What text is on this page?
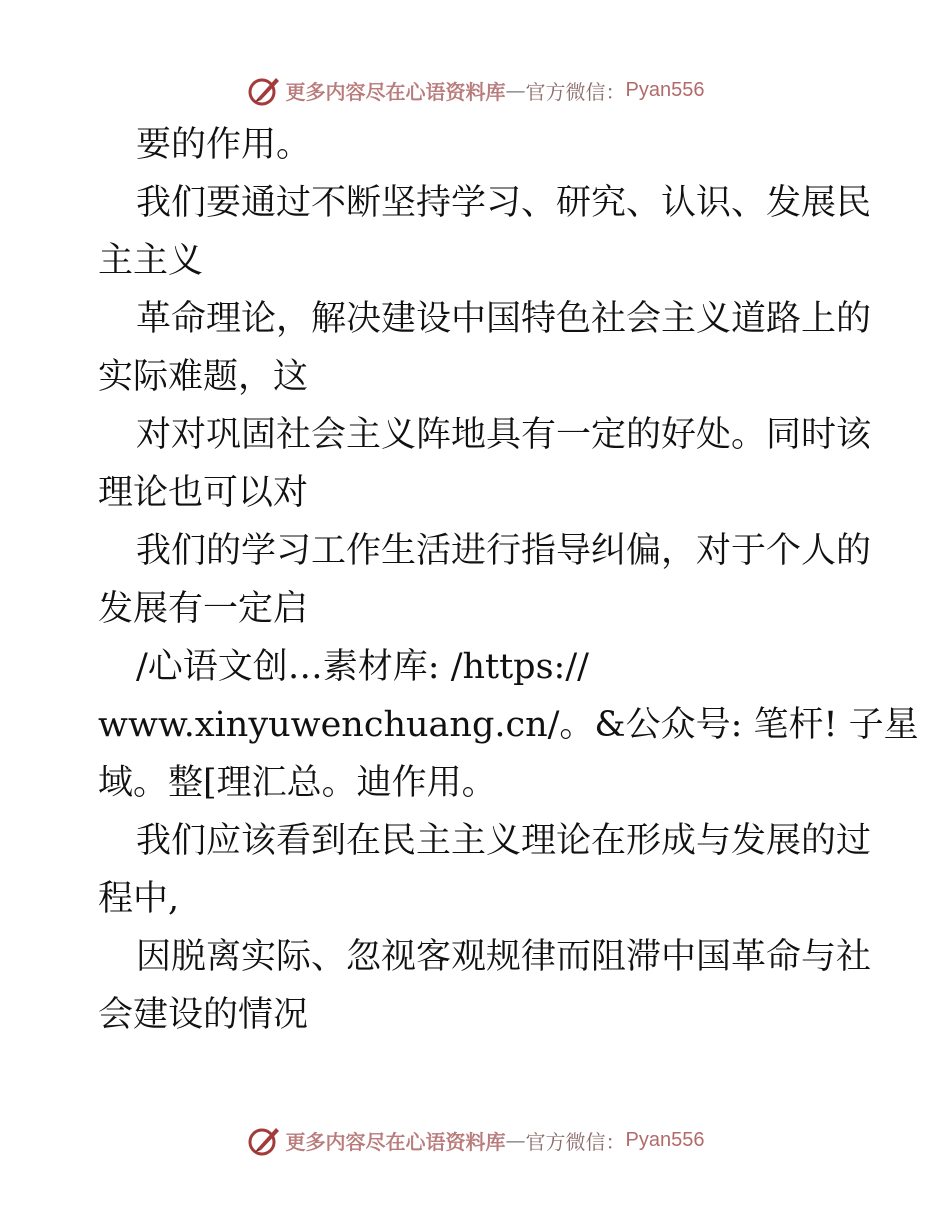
更多内容尽在心语资料库 — 官方微信： Pyan556

要的作用。

我们要通过不断坚持学习、研究、认识、发展民

主主义

革命理论，解决建设中国特色社会主义道路上的

实际难题，这

对对巩固社会主义阵地具有一定的好处。同时该

理论也可以对

我们的学习工作生活进行指导纠偏，对于个人的

发展有一定启

/心语文创…素材库: /https://

www.xinyuwenchuang.cn/。&公众号: 笔杆! 子星

域。整[理汇总。迪作用。

我们应该看到在民主主义理论在形成与发展的过

程中,

因脱离实际、忽视客观规律而阻滞中国革命与社

会建设的情况

更多内容尽在心语资料库 — 官方微信： Pyan556
